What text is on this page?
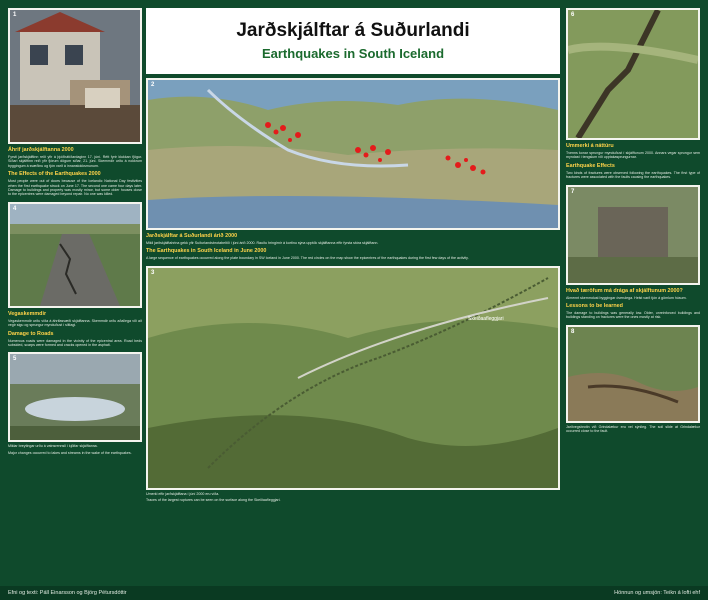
Jarðskjálftar á Suðurlandi
Earthquakes in South Iceland
1
Áhrif jarðskjálftanna 2000
Fyrsti jarðskjálftinn reið yfir á þjóðhátíðardaginn 17. júní. Rétt fyrir klukkan fjögur. Síðari skjálftinn reið yfir fjórum dögum síðar, 21. júní. Skemmdir urðu á nokkrum byggingum á svæðinu og tjón varð á innanstokksmunum.
The Effects of the Earthquakes 2000
Most people were out of doors because of the Icelandic National Day festivities when the first earthquake struck on June 17. The second one came four days later. Damage to buildings and property was mostly minor, but some older houses close to the epicentres were damaged beyond repair. No one was killed.
4
Vegaskemmdir
Vegaskemmdir urðu víða á áhrifasvæði skjálftanna. Skemmdir urðu aðallega við að vegir sigu og sprungur mynduðust í slitlagi.
Damage to Roads
Numerous roads were damaged in the vicinity of the epicentral area. Road beds subsided, scarps were formed and cracks opened in the asphalt.
5
Miklar breytingar urðu á vatnsrennsli í kjölfar skjálftanna.
Major changes occurred to lakes and streams in the wake of the earthquakes.
2
Jarðskjálftar á Suðurlandi árið 2000
Mikil jarðskjálftahrina gekk yfir Suðurlandsbrotabeltið í júní árið 2000. Rauðu hringirnir á kortinu sýna upptök skjálftanna eftir fyrsta stóra skjálftann.
The Earthquakes in South Iceland in June 2000
A large sequence of earthquakes occurred along the plate boundary in SW Iceland in June 2000. The red circles on the map show the epicentres of the earthquakes during the first few days of the activity.
3
Skeiðaafleggjari
Umerki eftir jarðskjálftana í júní 2000 eru víða.
Traces of the largest ruptures can be seen on the surface along the Skeiðaafleggjari.
6
Ummerki á náttúru
Tvenns konar sprungur mynduðust í skjálftunum 2000. Annars vegar sprungur sem myndast í tengslum við upptakasprungurnar.
Earthquake Effects
Two kinds of fractures were observed following the earthquakes. The first type of fractures were associated with the faults causing the earthquakes.
7
Hvað tæröfum má drága af skjálftunum 2000?
Almennt skemmdust byggingar óverulega. Helst varð tjón á gömlum húsum.
Lessons to be learned
The damage to buildings was generally low. Older, unreinforced buildings and buildings standing on fractures were the ones mostly at risk.
8
Jarðvegsbrotin við Grindalækur eru vel sýnileg. The soil slide at Grindalækur occurred close to the fault.
Efni og texti: Páll Einarsson og Björg Pétursdóttir	Hönnun og umsjón: Teikn á lofti ehf
